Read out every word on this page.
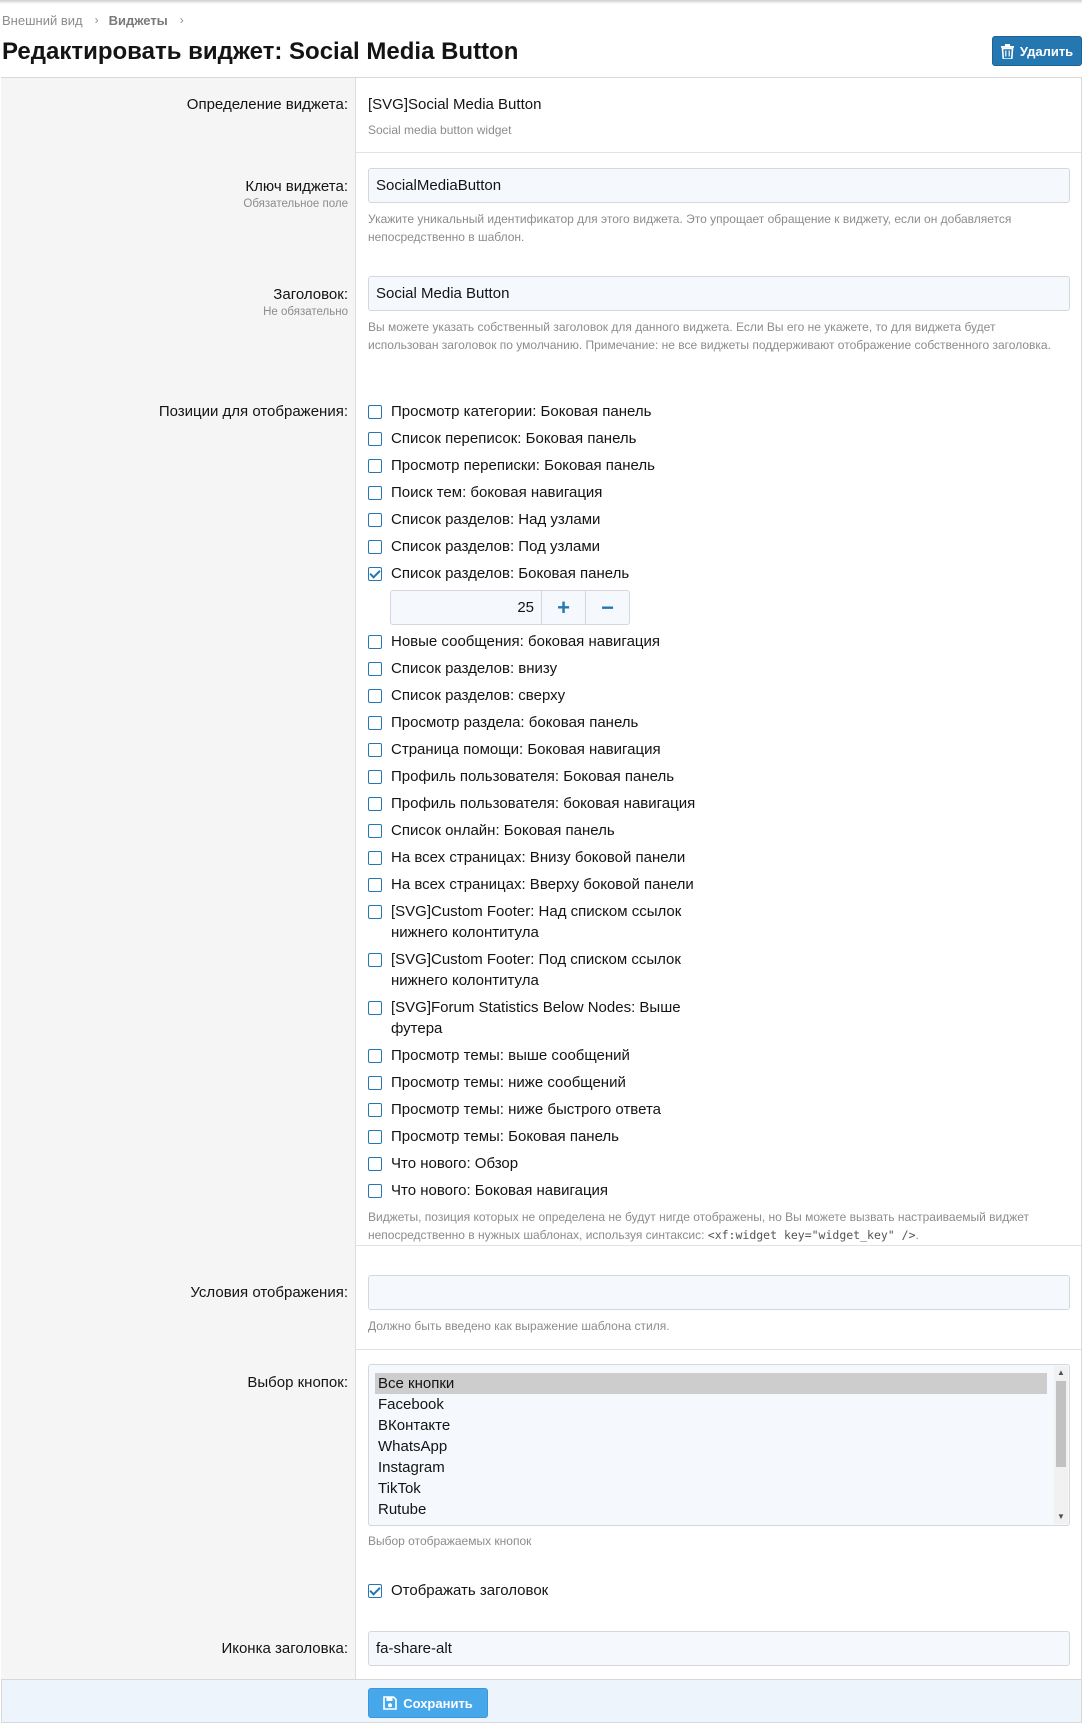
Внешний вид › Виджеты ›
Редактировать виджет: Social Media Button	Удалить
Определение виджета: [SVG]Social Media Button
Social media button widget
Ключ виджета:
Обязательное поле
SocialMediaButton
Укажите уникальный идентификатор для этого виджета. Это упрощает обращение к виджету, если он добавляется непосредственно в шаблон.
Заголовок:
Не обязательно
Social Media Button
Вы можете указать собственный заголовок для данного виджета. Если Вы его не укажете, то для виджета будет использован заголовок по умолчанию. Примечание: не все виджеты поддерживают отображение собственного заголовка.
Позиции для отображения:	Просмотр категории: Боковая панель
Список переписок: Боковая панель
Просмотр переписки: Боковая панель
Поиск тем: боковая навигация
Список разделов: Над узлами
Список разделов: Под узлами
Список разделов: Боковая панель
25	+	−
Новые сообщения: боковая навигация
Список разделов: внизу
Список разделов: сверху
Просмотр раздела: боковая панель
Страница помощи: Боковая навигация
Профиль пользователя: Боковая панель
Профиль пользователя: боковая навигация
Список онлайн: Боковая панель
На всех страницах: Внизу боковой панели
На всех страницах: Вверху боковой панели
[SVG]Custom Footer: Над списком ссылок нижнего колонтитула
[SVG]Custom Footer: Под списком ссылок нижнего колонтитула
[SVG]Forum Statistics Below Nodes: Выше футера
Просмотр темы: выше сообщений
Просмотр темы: ниже сообщений
Просмотр темы: ниже быстрого ответа
Просмотр темы: Боковая панель
Что нового: Обзор
Что нового: Боковая навигация
Виджеты, позиция которых не определена не будут нигде отображены, но Вы можете вызвать настраиваемый виджет непосредственно в нужных шаблонах, используя синтаксис: <xf:widget key="widget_key" />.
Условия отображения:
Должно быть введено как выражение шаблона стиля.
Выбор кнопок: Все кнопки
Facebook
ВКонтакте
WhatsApp
Instagram
TikTok
Rutube
▲
▼
Выбор отображаемых кнопок
Отображать заголовок
Иконка заголовка:	fa-share-alt
Сохранить
